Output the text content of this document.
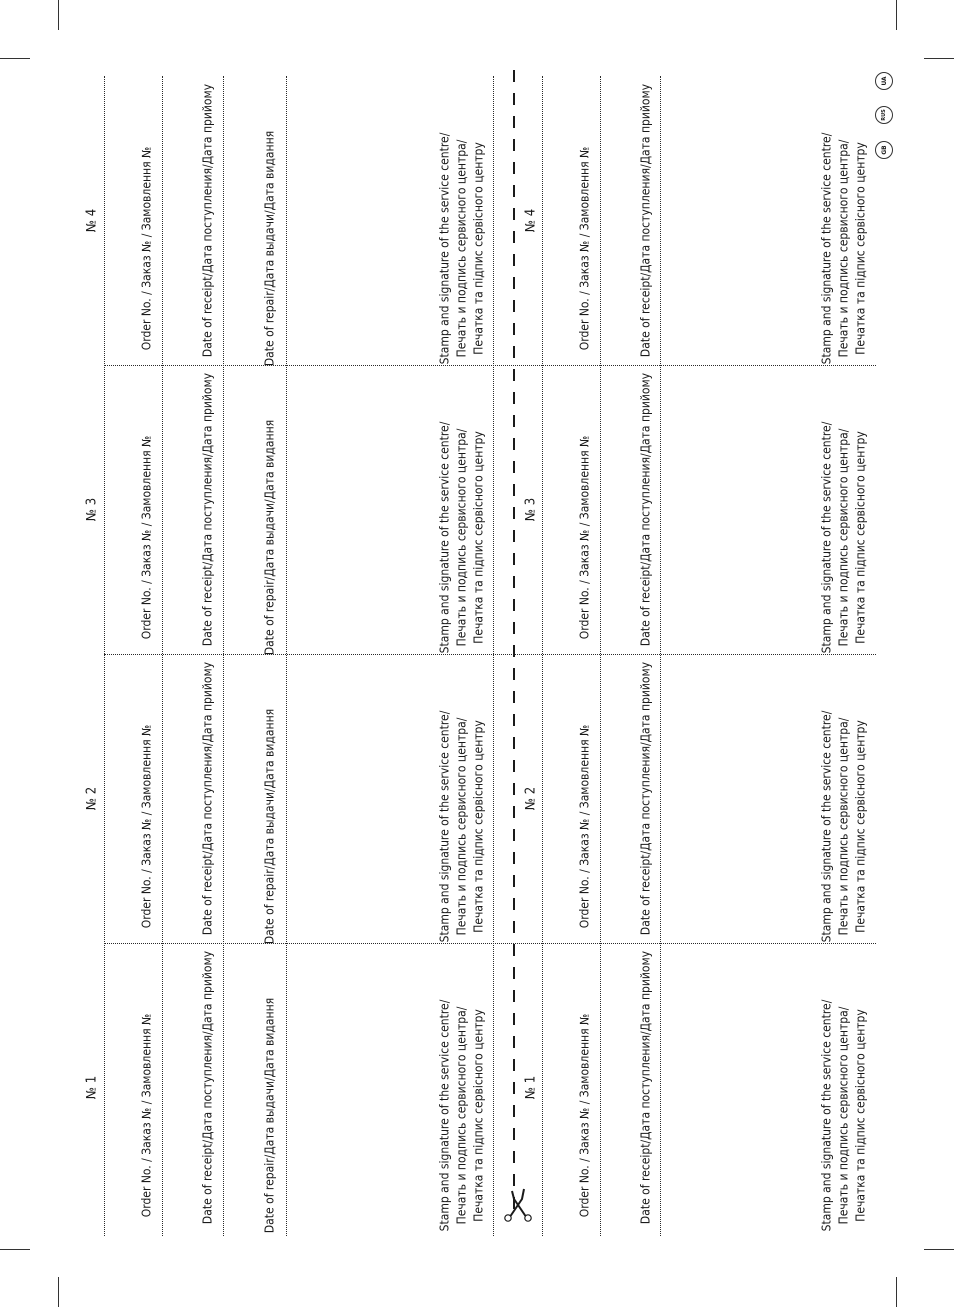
№ 1	Order No. / Заказ № / Замовлення №	Date of receipt/Дата поступления/Дата прийому	Date of repair/Дата выдачи/Дата видання	Stamp and signature of the service centre/ Печать и подпись сервисного центра/ Печатка та підпис сервісного центру	№ 1	Order No. / Заказ № / Замовлення №	Date of receipt/Дата поступления/Дата прийому	Stamp and signature of the service centre/ Печать и подпись сервисного центра/ Печатка та підпис сервісного центру
№ 2	Order No. / Заказ № / Замовлення №	Date of receipt/Дата поступления/Дата прийому	Date of repair/Дата выдачи/Дата видання	Stamp and signature of the service centre/ Печать и подпись сервисного центра/ Печатка та підпис сервісного центру	№ 2	Order No. / Заказ № / Замовлення №	Date of receipt/Дата поступления/Дата прийому	Stamp and signature of the service centre/ Печать и подпись сервисного центра/ Печатка та підпис сервісного центру
№ 3	Order No. / Заказ № / Замовлення №	Date of receipt/Дата поступления/Дата прийому	Date of repair/Дата выдачи/Дата видання	Stamp and signature of the service centre/ Печать и подпись сервисного центра/ Печатка та підпис сервісного центру	№ 3	Order No. / Заказ № / Замовлення №	Date of receipt/Дата поступления/Дата прийому	Stamp and signature of the service centre/ Печать и подпись сервисного центра/ Печатка та підпис сервісного центру
№ 4	Order No. / Заказ № / Замовлення №	Date of receipt/Дата поступления/Дата прийому	Date of repair/Дата выдачи/Дата видання	Stamp and signature of the service centre/ Печать и подпись сервисного центра/ Печатка та підпис сервісного центру	№ 4	Order No. / Заказ № / Замовлення №	Date of receipt/Дата поступления/Дата прийому	Stamp and signature of the service centre/ Печать и подпись сервисного центра/ Печатка та підпис сервісного центру	GB
RUS
UA
